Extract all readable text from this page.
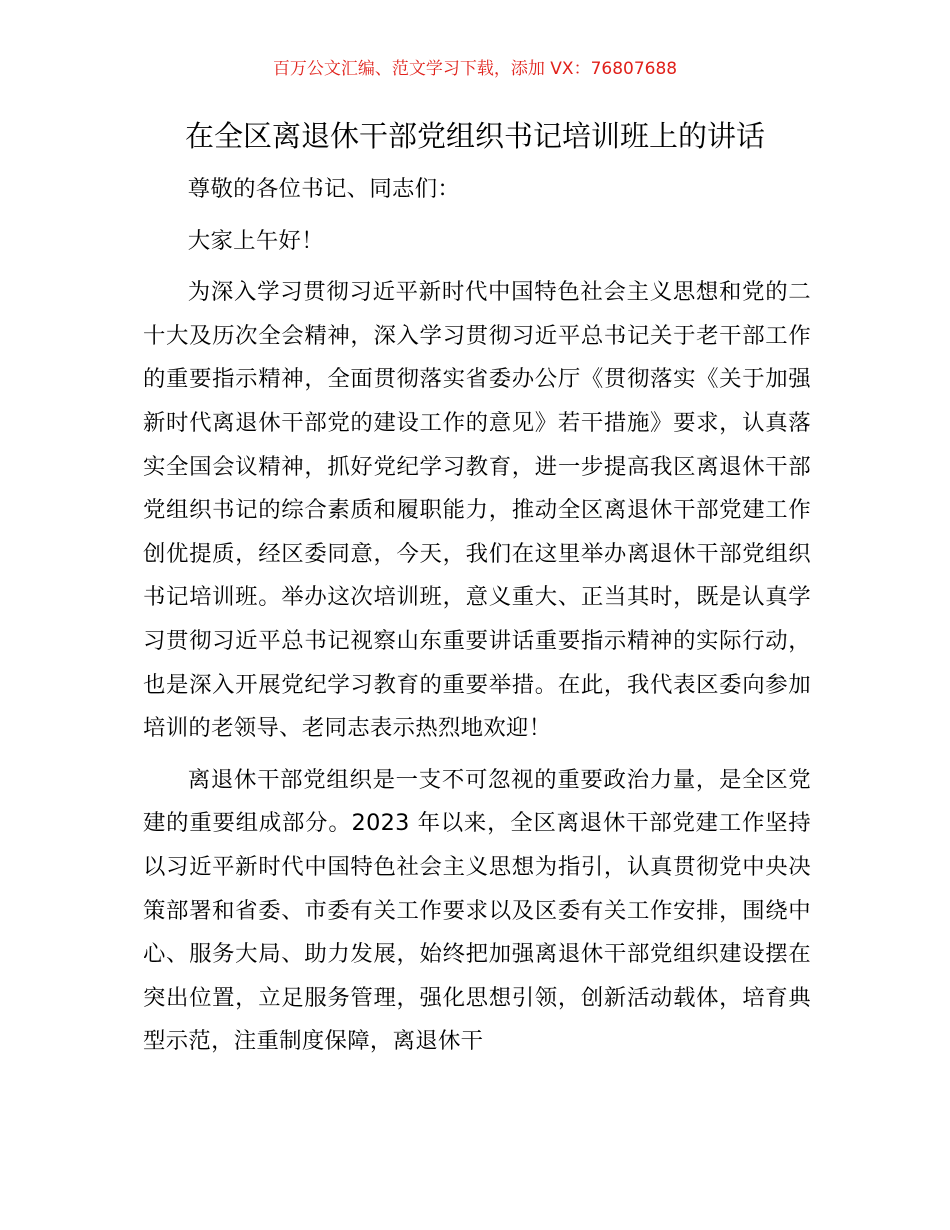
百万公文汇编、范文学习下载，添加 VX：76807688
在全区离退休干部党组织书记培训班上的讲话

尊敬的各位书记、同志们：

大家上午好！

为深入学习贯彻习近平新时代中国特色社会主义思想和党的二十大及历次全会精神，深入学习贯彻习近平总书记关于老干部工作的重要指示精神，全面贯彻落实省委办公厅《贯彻落实《关于加强新时代离退休干部党的建设工作的意见》若干措施》要求，认真落实全国会议精神，抓好党纪学习教育，进一步提高我区离退休干部党组织书记的综合素质和履职能力，推动全区离退休干部党建工作创优提质，经区委同意，今天，我们在这里举办离退休干部党组织书记培训班。举办这次培训班，意义重大、正当其时，既是认真学习贯彻习近平总书记视察山东重要讲话重要指示精神的实际行动，也是深入开展党纪学习教育的重要举措。在此，我代表区委向参加培训的老领导、老同志表示热烈地欢迎！

离退休干部党组织是一支不可忽视的重要政治力量，是全区党建的重要组成部分。2023 年以来，全区离退休干部党建工作坚持以习近平新时代中国特色社会主义思想为指引，认真贯彻党中央决策部署和省委、市委有关工作要求以及区委有关工作安排，围绕中心、服务大局、助力发展，始终把加强离退休干部党组织建设摆在突出位置，立足服务管理，强化思想引领，创新活动载体，培育典型示范，注重制度保障，离退休干
